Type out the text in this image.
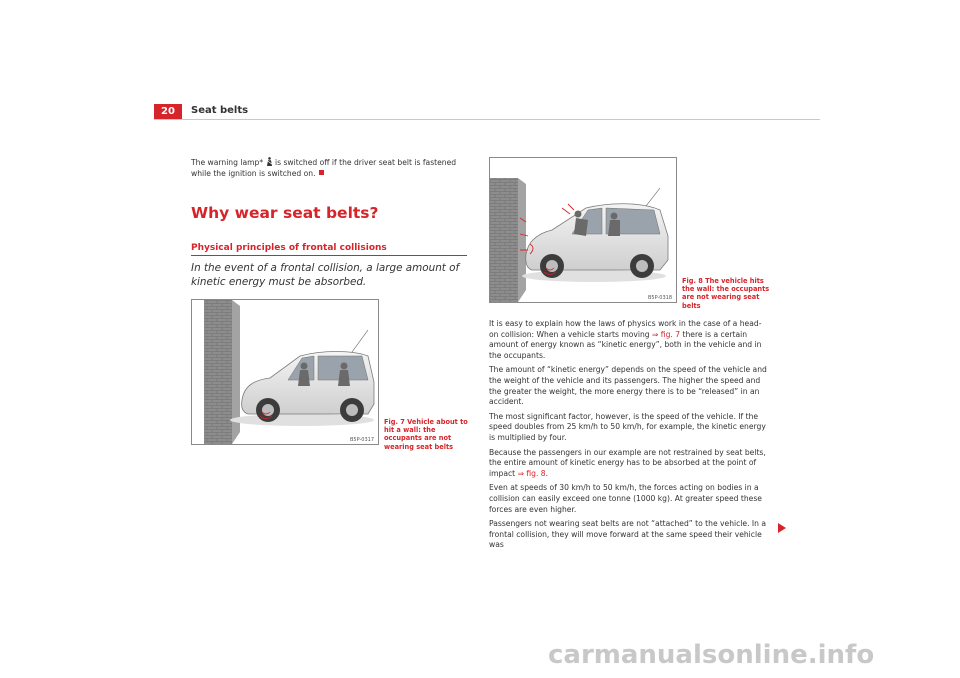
20	Seat belts
The warning lamp*  is switched off if the driver seat belt is fastened while the ignition is switched on.
Why wear seat belts?
Physical principles of frontal collisions
In the event of a frontal collision, a large amount of kinetic energy must be absorbed.
B5P-0317
Fig. 7 Vehicle about to hit a wall: the occupants are not wearing seat belts
B5P-0318
Fig. 8 The vehicle hits the wall: the occupants are not wearing seat belts

It is easy to explain how the laws of physics work in the case of a head-on collision: When a vehicle starts moving ⇒ fig. 7 there is a certain amount of energy known as “kinetic energy”, both in the vehicle and in the occupants.

The amount of “kinetic energy” depends on the speed of the vehicle and the weight of the vehicle and its passengers. The higher the speed and the greater the weight, the more energy there is to be “released” in an accident.

The most significant factor, however, is the speed of the vehicle. If the speed doubles from 25 km/h to 50 km/h, for example, the kinetic energy is multiplied by four.

Because the passengers in our example are not restrained by seat belts, the entire amount of kinetic energy has to be absorbed at the point of impact ⇒ fig. 8.

Even at speeds of 30 km/h to 50 km/h, the forces acting on bodies in a collision can easily exceed one tonne (1000 kg). At greater speed these forces are even higher.

Passengers not wearing seat belts are not “attached” to the vehicle. In a frontal collision, they will move forward at the same speed their vehicle was

carmanualsonline.info
